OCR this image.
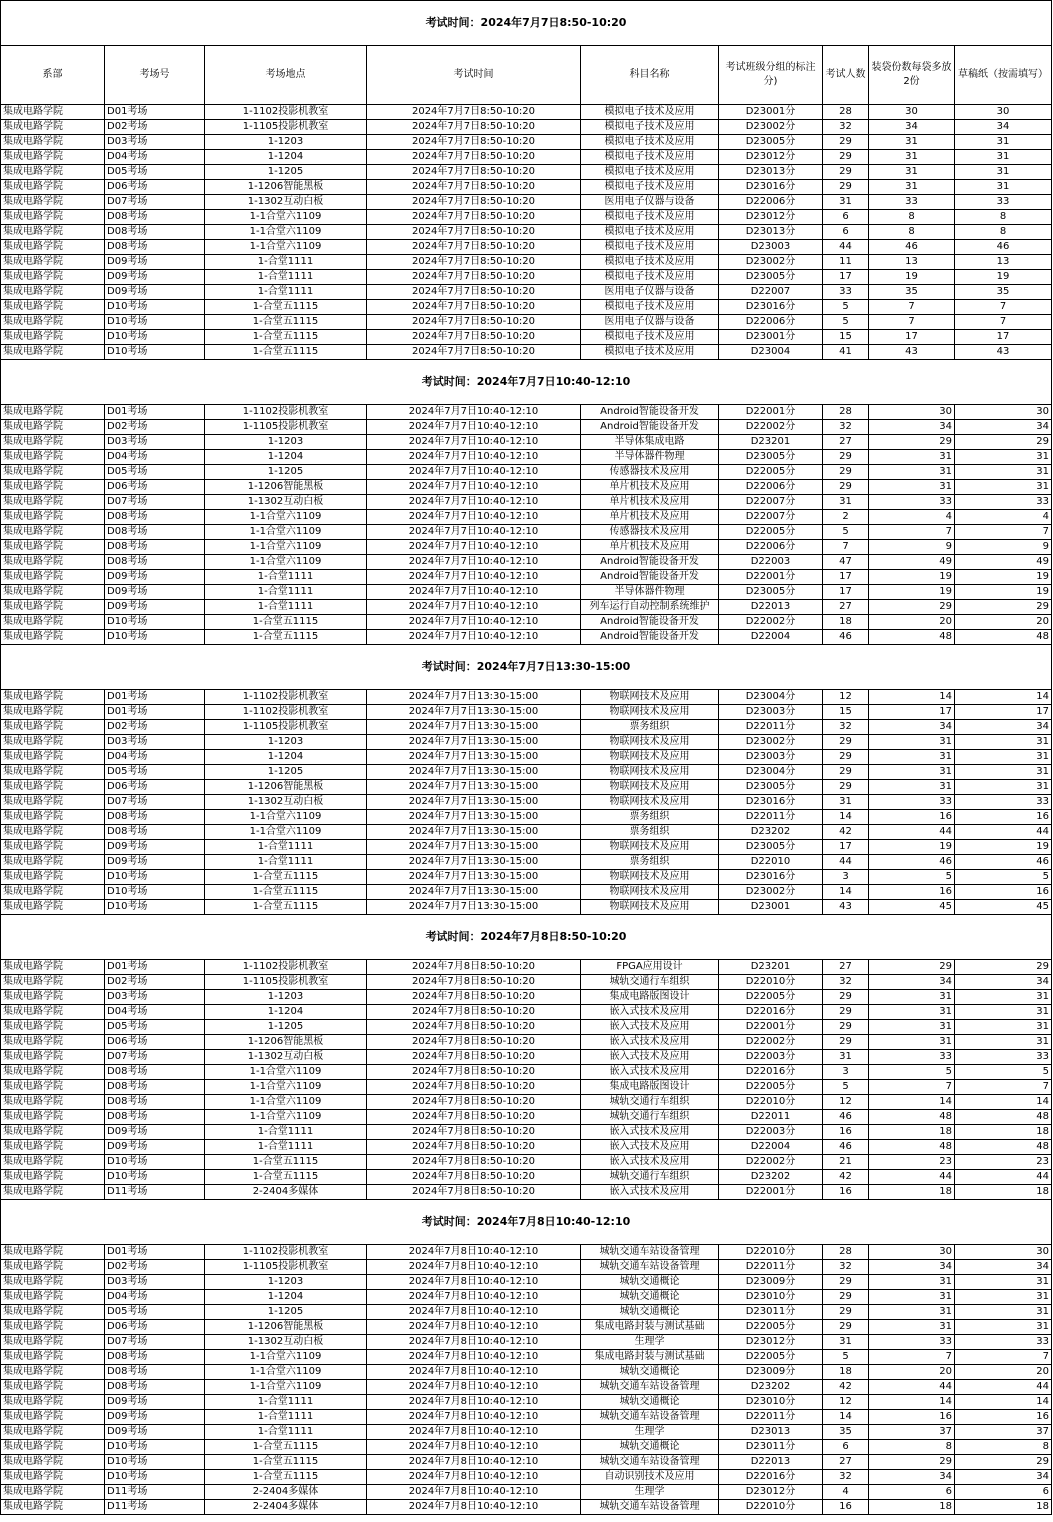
考试时间：2024年7月7日8:50-10:20								
系部	考场号	考场地点	考试时间	科目名称	考试班级分组的标注分)	考试人数	装袋份数每袋多放2份	草稿纸（按需填写）
集成电路学院	D01考场	1-1102投影机教室	2024年7月7日8:50-10:20	模拟电子技术及应用	D23001分	28	30	30
集成电路学院	D02考场	1-1105投影机教室	2024年7月7日8:50-10:20	模拟电子技术及应用	D23002分	32	34	34
集成电路学院	D03考场	1-1203	2024年7月7日8:50-10:20	模拟电子技术及应用	D23005分	29	31	31
集成电路学院	D04考场	1-1204	2024年7月7日8:50-10:20	模拟电子技术及应用	D23012分	29	31	31
集成电路学院	D05考场	1-1205	2024年7月7日8:50-10:20	模拟电子技术及应用	D23013分	29	31	31
集成电路学院	D06考场	1-1206智能黑板	2024年7月7日8:50-10:20	模拟电子技术及应用	D23016分	29	31	31
集成电路学院	D07考场	1-1302互动白板	2024年7月7日8:50-10:20	医用电子仪器与设备	D22006分	31	33	33
集成电路学院	D08考场	1-1合堂六1109	2024年7月7日8:50-10:20	模拟电子技术及应用	D23012分	6	8	8
集成电路学院	D08考场	1-1合堂六1109	2024年7月7日8:50-10:20	模拟电子技术及应用	D23013分	6	8	8
集成电路学院	D08考场	1-1合堂六1109	2024年7月7日8:50-10:20	模拟电子技术及应用	D23003	44	46	46
集成电路学院	D09考场	1-合堂1111	2024年7月7日8:50-10:20	模拟电子技术及应用	D23002分	11	13	13
集成电路学院	D09考场	1-合堂1111	2024年7月7日8:50-10:20	模拟电子技术及应用	D23005分	17	19	19
集成电路学院	D09考场	1-合堂1111	2024年7月7日8:50-10:20	医用电子仪器与设备	D22007	33	35	35
集成电路学院	D10考场	1-合堂五1115	2024年7月7日8:50-10:20	模拟电子技术及应用	D23016分	5	7	7
集成电路学院	D10考场	1-合堂五1115	2024年7月7日8:50-10:20	医用电子仪器与设备	D22006分	5	7	7
集成电路学院	D10考场	1-合堂五1115	2024年7月7日8:50-10:20	模拟电子技术及应用	D23001分	15	17	17
集成电路学院	D10考场	1-合堂五1115	2024年7月7日8:50-10:20	模拟电子技术及应用	D23004	41	43	43
考试时间：2024年7月7日10:40-12:10								
集成电路学院	D01考场	1-1102投影机教室	2024年7月7日10:40-12:10	Android智能设备开发	D22001分	28	30	30
集成电路学院	D02考场	1-1105投影机教室	2024年7月7日10:40-12:10	Android智能设备开发	D22002分	32	34	34
集成电路学院	D03考场	1-1203	2024年7月7日10:40-12:10	半导体集成电路	D23201	27	29	29
集成电路学院	D04考场	1-1204	2024年7月7日10:40-12:10	半导体器件物理	D23005分	29	31	31
集成电路学院	D05考场	1-1205	2024年7月7日10:40-12:10	传感器技术及应用	D22005分	29	31	31
集成电路学院	D06考场	1-1206智能黑板	2024年7月7日10:40-12:10	单片机技术及应用	D22006分	29	31	31
集成电路学院	D07考场	1-1302互动白板	2024年7月7日10:40-12:10	单片机技术及应用	D22007分	31	33	33
集成电路学院	D08考场	1-1合堂六1109	2024年7月7日10:40-12:10	单片机技术及应用	D22007分	2	4	4
集成电路学院	D08考场	1-1合堂六1109	2024年7月7日10:40-12:10	传感器技术及应用	D22005分	5	7	7
集成电路学院	D08考场	1-1合堂六1109	2024年7月7日10:40-12:10	单片机技术及应用	D22006分	7	9	9
集成电路学院	D08考场	1-1合堂六1109	2024年7月7日10:40-12:10	Android智能设备开发	D22003	47	49	49
集成电路学院	D09考场	1-合堂1111	2024年7月7日10:40-12:10	Android智能设备开发	D22001分	17	19	19
集成电路学院	D09考场	1-合堂1111	2024年7月7日10:40-12:10	半导体器件物理	D23005分	17	19	19
集成电路学院	D09考场	1-合堂1111	2024年7月7日10:40-12:10	列车运行自动控制系统维护	D22013	27	29	29
集成电路学院	D10考场	1-合堂五1115	2024年7月7日10:40-12:10	Android智能设备开发	D22002分	18	20	20
集成电路学院	D10考场	1-合堂五1115	2024年7月7日10:40-12:10	Android智能设备开发	D22004	46	48	48
考试时间：2024年7月7日13:30-15:00								
集成电路学院	D01考场	1-1102投影机教室	2024年7月7日13:30-15:00	物联网技术及应用	D23004分	12	14	14
集成电路学院	D01考场	1-1102投影机教室	2024年7月7日13:30-15:00	物联网技术及应用	D23003分	15	17	17
集成电路学院	D02考场	1-1105投影机教室	2024年7月7日13:30-15:00	票务组织	D22011分	32	34	34
集成电路学院	D03考场	1-1203	2024年7月7日13:30-15:00	物联网技术及应用	D23002分	29	31	31
集成电路学院	D04考场	1-1204	2024年7月7日13:30-15:00	物联网技术及应用	D23003分	29	31	31
集成电路学院	D05考场	1-1205	2024年7月7日13:30-15:00	物联网技术及应用	D23004分	29	31	31
集成电路学院	D06考场	1-1206智能黑板	2024年7月7日13:30-15:00	物联网技术及应用	D23005分	29	31	31
集成电路学院	D07考场	1-1302互动白板	2024年7月7日13:30-15:00	物联网技术及应用	D23016分	31	33	33
集成电路学院	D08考场	1-1合堂六1109	2024年7月7日13:30-15:00	票务组织	D22011分	14	16	16
集成电路学院	D08考场	1-1合堂六1109	2024年7月7日13:30-15:00	票务组织	D23202	42	44	44
集成电路学院	D09考场	1-合堂1111	2024年7月7日13:30-15:00	物联网技术及应用	D23005分	17	19	19
集成电路学院	D09考场	1-合堂1111	2024年7月7日13:30-15:00	票务组织	D22010	44	46	46
集成电路学院	D10考场	1-合堂五1115	2024年7月7日13:30-15:00	物联网技术及应用	D23016分	3	5	5
集成电路学院	D10考场	1-合堂五1115	2024年7月7日13:30-15:00	物联网技术及应用	D23002分	14	16	16
集成电路学院	D10考场	1-合堂五1115	2024年7月7日13:30-15:00	物联网技术及应用	D23001	43	45	45
考试时间：2024年7月8日8:50-10:20								
集成电路学院	D01考场	1-1102投影机教室	2024年7月8日8:50-10:20	FPGA应用设计	D23201	27	29	29
集成电路学院	D02考场	1-1105投影机教室	2024年7月8日8:50-10:20	城轨交通行车组织	D22010分	32	34	34
集成电路学院	D03考场	1-1203	2024年7月8日8:50-10:20	集成电路版图设计	D22005分	29	31	31
集成电路学院	D04考场	1-1204	2024年7月8日8:50-10:20	嵌入式技术及应用	D22016分	29	31	31
集成电路学院	D05考场	1-1205	2024年7月8日8:50-10:20	嵌入式技术及应用	D22001分	29	31	31
集成电路学院	D06考场	1-1206智能黑板	2024年7月8日8:50-10:20	嵌入式技术及应用	D22002分	29	31	31
集成电路学院	D07考场	1-1302互动白板	2024年7月8日8:50-10:20	嵌入式技术及应用	D22003分	31	33	33
集成电路学院	D08考场	1-1合堂六1109	2024年7月8日8:50-10:20	嵌入式技术及应用	D22016分	3	5	5
集成电路学院	D08考场	1-1合堂六1109	2024年7月8日8:50-10:20	集成电路版图设计	D22005分	5	7	7
集成电路学院	D08考场	1-1合堂六1109	2024年7月8日8:50-10:20	城轨交通行车组织	D22010分	12	14	14
集成电路学院	D08考场	1-1合堂六1109	2024年7月8日8:50-10:20	城轨交通行车组织	D22011	46	48	48
集成电路学院	D09考场	1-合堂1111	2024年7月8日8:50-10:20	嵌入式技术及应用	D22003分	16	18	18
集成电路学院	D09考场	1-合堂1111	2024年7月8日8:50-10:20	嵌入式技术及应用	D22004	46	48	48
集成电路学院	D10考场	1-合堂五1115	2024年7月8日8:50-10:20	嵌入式技术及应用	D22002分	21	23	23
集成电路学院	D10考场	1-合堂五1115	2024年7月8日8:50-10:20	城轨交通行车组织	D23202	42	44	44
集成电路学院	D11考场	2-2404多媒体	2024年7月8日8:50-10:20	嵌入式技术及应用	D22001分	16	18	18
考试时间：2024年7月8日10:40-12:10								
集成电路学院	D01考场	1-1102投影机教室	2024年7月8日10:40-12:10	城轨交通车站设备管理	D22010分	28	30	30
集成电路学院	D02考场	1-1105投影机教室	2024年7月8日10:40-12:10	城轨交通车站设备管理	D22011分	32	34	34
集成电路学院	D03考场	1-1203	2024年7月8日10:40-12:10	城轨交通概论	D23009分	29	31	31
集成电路学院	D04考场	1-1204	2024年7月8日10:40-12:10	城轨交通概论	D23010分	29	31	31
集成电路学院	D05考场	1-1205	2024年7月8日10:40-12:10	城轨交通概论	D23011分	29	31	31
集成电路学院	D06考场	1-1206智能黑板	2024年7月8日10:40-12:10	集成电路封装与测试基础	D22005分	29	31	31
集成电路学院	D07考场	1-1302互动白板	2024年7月8日10:40-12:10	生理学	D23012分	31	33	33
集成电路学院	D08考场	1-1合堂六1109	2024年7月8日10:40-12:10	集成电路封装与测试基础	D22005分	5	7	7
集成电路学院	D08考场	1-1合堂六1109	2024年7月8日10:40-12:10	城轨交通概论	D23009分	18	20	20
集成电路学院	D08考场	1-1合堂六1109	2024年7月8日10:40-12:10	城轨交通车站设备管理	D23202	42	44	44
集成电路学院	D09考场	1-合堂1111	2024年7月8日10:40-12:10	城轨交通概论	D23010分	12	14	14
集成电路学院	D09考场	1-合堂1111	2024年7月8日10:40-12:10	城轨交通车站设备管理	D22011分	14	16	16
集成电路学院	D09考场	1-合堂1111	2024年7月8日10:40-12:10	生理学	D23013	35	37	37
集成电路学院	D10考场	1-合堂五1115	2024年7月8日10:40-12:10	城轨交通概论	D23011分	6	8	8
集成电路学院	D10考场	1-合堂五1115	2024年7月8日10:40-12:10	城轨交通车站设备管理	D22013	27	29	29
集成电路学院	D10考场	1-合堂五1115	2024年7月8日10:40-12:10	自动识别技术及应用	D22016分	32	34	34
集成电路学院	D11考场	2-2404多媒体	2024年7月8日10:40-12:10	生理学	D23012分	4	6	6
集成电路学院	D11考场	2-2404多媒体	2024年7月8日10:40-12:10	城轨交通车站设备管理	D22010分	16	18	18
